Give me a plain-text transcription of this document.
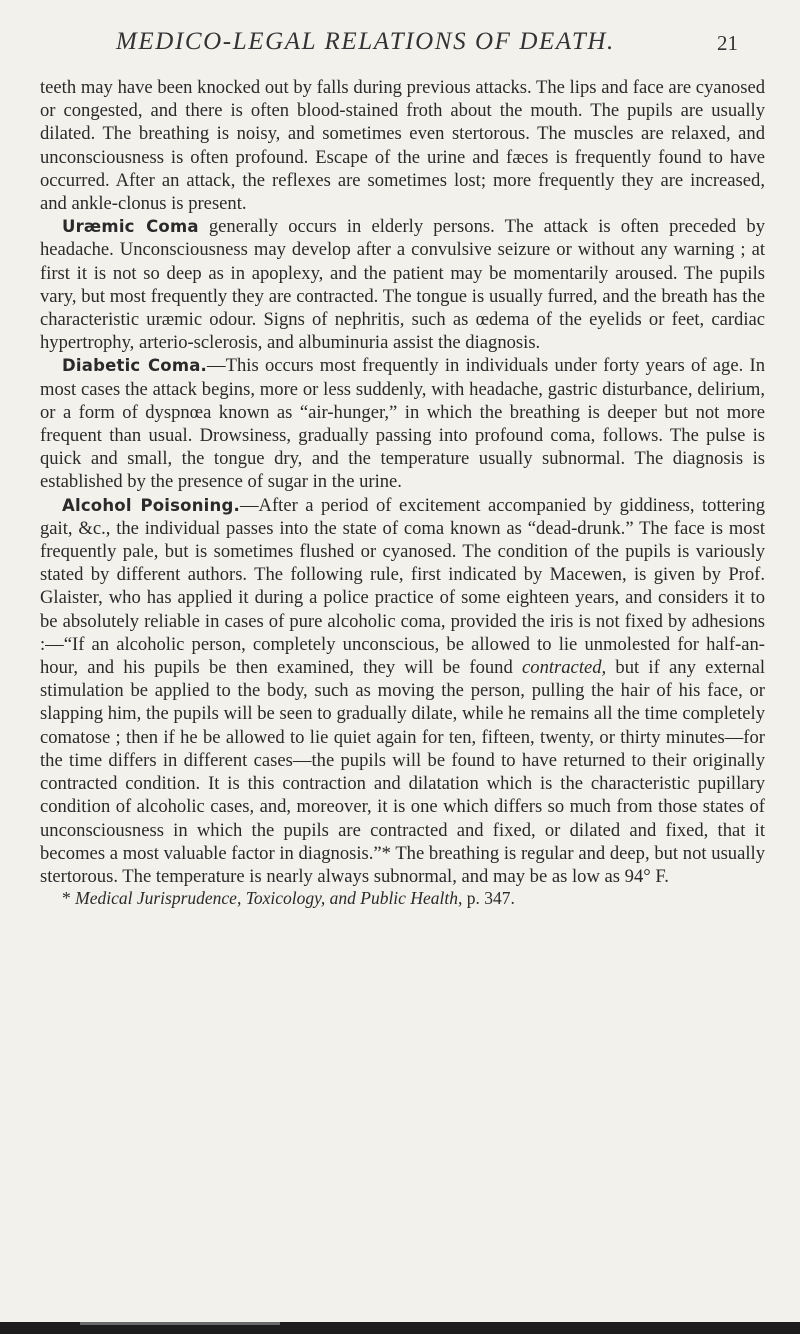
MEDICO-LEGAL RELATIONS OF DEATH.	21

teeth may have been knocked out by falls during previous attacks. The lips and face are cyanosed or congested, and there is often blood-stained froth about the mouth. The pupils are usually dilated. The breathing is noisy, and sometimes even stertorous. The muscles are relaxed, and unconsciousness is often profound. Escape of the urine and fæces is frequently found to have occurred. After an attack, the reflexes are sometimes lost; more frequently they are increased, and ankle-clonus is present.

Uræmic Coma generally occurs in elderly persons. The attack is often preceded by headache. Unconsciousness may develop after a convulsive seizure or without any warning ; at first it is not so deep as in apoplexy, and the patient may be momentarily aroused. The pupils vary, but most frequently they are contracted. The tongue is usually furred, and the breath has the characteristic uræmic odour. Signs of nephritis, such as œdema of the eyelids or feet, cardiac hypertrophy, arterio-sclerosis, and albuminuria assist the diagnosis.

Diabetic Coma.—This occurs most frequently in individuals under forty years of age. In most cases the attack begins, more or less suddenly, with headache, gastric disturbance, delirium, or a form of dyspnœa known as “air-hunger,” in which the breathing is deeper but not more frequent than usual. Drowsiness, gradually passing into profound coma, follows. The pulse is quick and small, the tongue dry, and the temperature usually subnormal. The diagnosis is established by the presence of sugar in the urine.

Alcohol Poisoning.—After a period of excitement accompanied by giddiness, tottering gait, &c., the individual passes into the state of coma known as “dead-drunk.” The face is most frequently pale, but is sometimes flushed or cyanosed. The condition of the pupils is variously stated by different authors. The following rule, first indicated by Macewen, is given by Prof. Glaister, who has applied it during a police practice of some eighteen years, and considers it to be absolutely reliable in cases of pure alcoholic coma, provided the iris is not fixed by adhesions :—“If an alcoholic person, completely unconscious, be allowed to lie unmolested for half-an-hour, and his pupils be then examined, they will be found contracted, but if any external stimulation be applied to the body, such as moving the person, pulling the hair of his face, or slapping him, the pupils will be seen to gradually dilate, while he remains all the time completely comatose ; then if he be allowed to lie quiet again for ten, fifteen, twenty, or thirty minutes—for the time differs in different cases—the pupils will be found to have returned to their originally contracted condition. It is this contraction and dilatation which is the characteristic pupillary condition of alcoholic cases, and, moreover, it is one which differs so much from those states of unconsciousness in which the pupils are contracted and fixed, or dilated and fixed, that it becomes a most valuable factor in diagnosis.”* The breathing is regular and deep, but not usually stertorous. The temperature is nearly always subnormal, and may be as low as 94° F.

* Medical Jurisprudence, Toxicology, and Public Health, p. 347.
